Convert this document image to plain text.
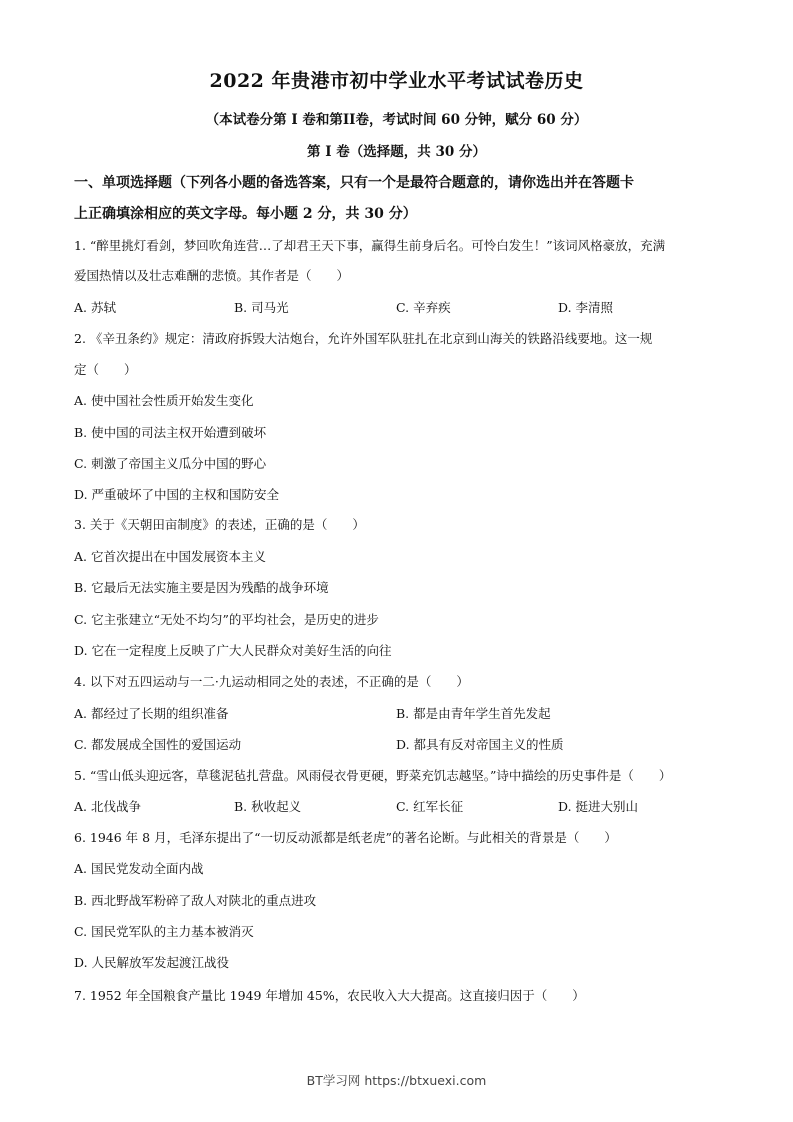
2022 年贵港市初中学业水平考试试卷历史
（本试卷分第 I 卷和第II卷，考试时间 60 分钟，赋分 60 分）
第 I 卷（选择题，共 30 分）
一、单项选择题（下列各小题的备选答案，只有一个是最符合题意的，请你选出并在答题卡
上正确填涂相应的英文字母。每小题 2 分，共 30 分）
1. “醉里挑灯看剑，梦回吹角连营…了却君王天下事，赢得生前身后名。可怜白发生！”该词风格豪放，充满
爱国热情以及壮志难酬的悲愤。其作者是（　　）
A. 苏轼	B. 司马光	C. 辛弃疾	D. 李清照
2. 《辛丑条约》规定：清政府拆毁大沽炮台，允许外国军队驻扎在北京到山海关的铁路沿线要地。这一规
定（　　）
A. 使中国社会性质开始发生变化
B. 使中国的司法主权开始遭到破坏
C. 刺激了帝国主义瓜分中国的野心
D. 严重破坏了中国的主权和国防安全
3. 关于《天朝田亩制度》的表述，正确的是（　　）
A. 它首次提出在中国发展资本主义
B. 它最后无法实施主要是因为残酷的战争环境
C. 它主张建立“无处不均匀”的平均社会，是历史的进步
D. 它在一定程度上反映了广大人民群众对美好生活的向往
4. 以下对五四运动与一二·九运动相同之处的表述，不正确的是（　　）
A. 都经过了长期的组织准备	B. 都是由青年学生首先发起
C. 都发展成全国性的爱国运动	D. 都具有反对帝国主义的性质
5. “雪山低头迎远客，草毯泥毡扎营盘。风雨侵衣骨更硬，野菜充饥志越坚。”诗中描绘的历史事件是（　　）
A. 北伐战争	B. 秋收起义	C. 红军长征	D. 挺进大别山
6. 1946 年 8 月，毛泽东提出了“一切反动派都是纸老虎”的著名论断。与此相关的背景是（　　）
A. 国民党发动全面内战
B. 西北野战军粉碎了敌人对陕北的重点进攻
C. 国民党军队的主力基本被消灭
D. 人民解放军发起渡江战役
7. 1952 年全国粮食产量比 1949 年增加 45%，农民收入大大提高。这直接归因于（　　）
BT学习网 https://btxuexi.com
